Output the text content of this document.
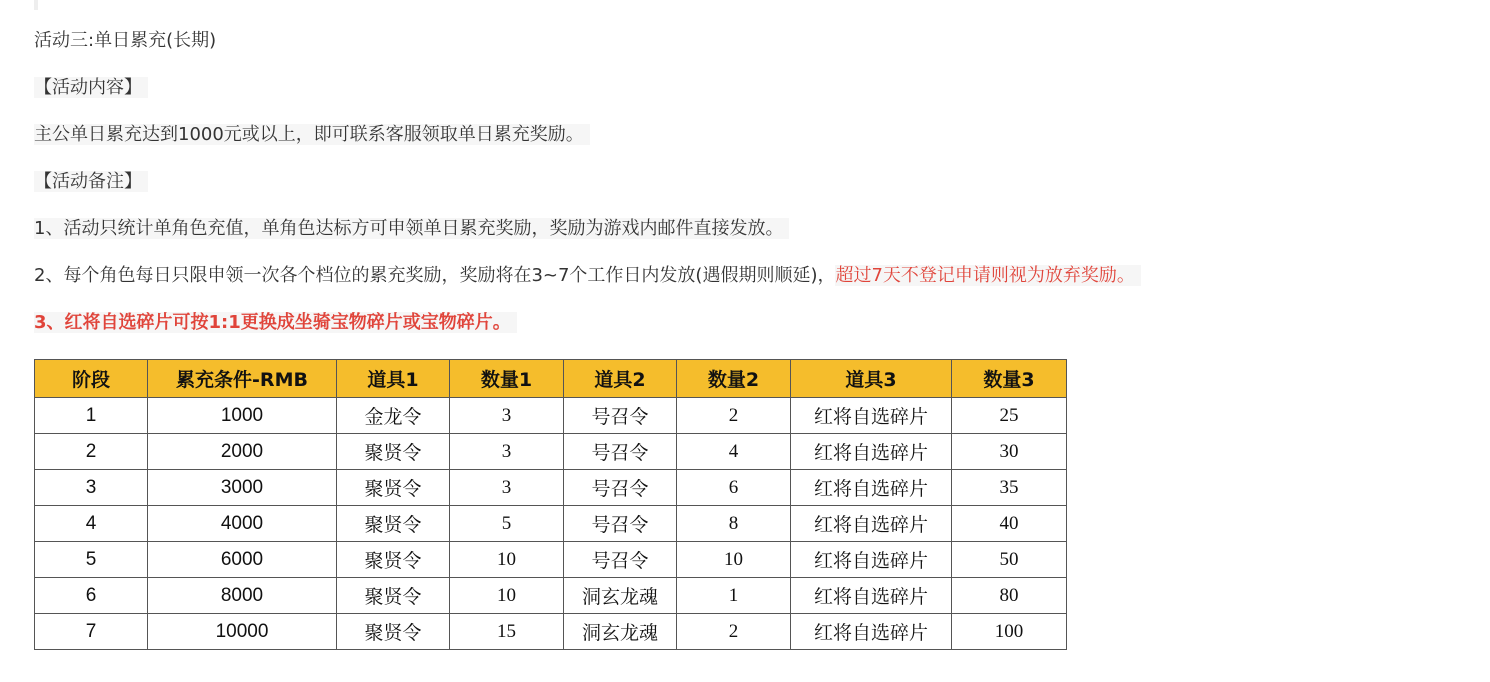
活动三:单日累充(长期)
【活动内容】
主公单日累充达到1000元或以上，即可联系客服领取单日累充奖励。
【活动备注】
1、活动只统计单角色充值，单角色达标方可申领单日累充奖励，奖励为游戏内邮件直接发放。
2、每个角色每日只限申领一次各个档位的累充奖励，奖励将在3~7个工作日内发放(遇假期则顺延)，超过7天不登记申请则视为放弃奖励。
3、红将自选碎片可按1:1更换成坐骑宝物碎片或宝物碎片。
阶段	累充条件-RMB	道具1	数量1	道具2	数量2	道具3	数量3
1	1000	金龙令	3	号召令	2	红将自选碎片	25
2	2000	聚贤令	3	号召令	4	红将自选碎片	30
3	3000	聚贤令	3	号召令	6	红将自选碎片	35
4	4000	聚贤令	5	号召令	8	红将自选碎片	40
5	6000	聚贤令	10	号召令	10	红将自选碎片	50
6	8000	聚贤令	10	洞玄龙魂	1	红将自选碎片	80
7	10000	聚贤令	15	洞玄龙魂	2	红将自选碎片	100
